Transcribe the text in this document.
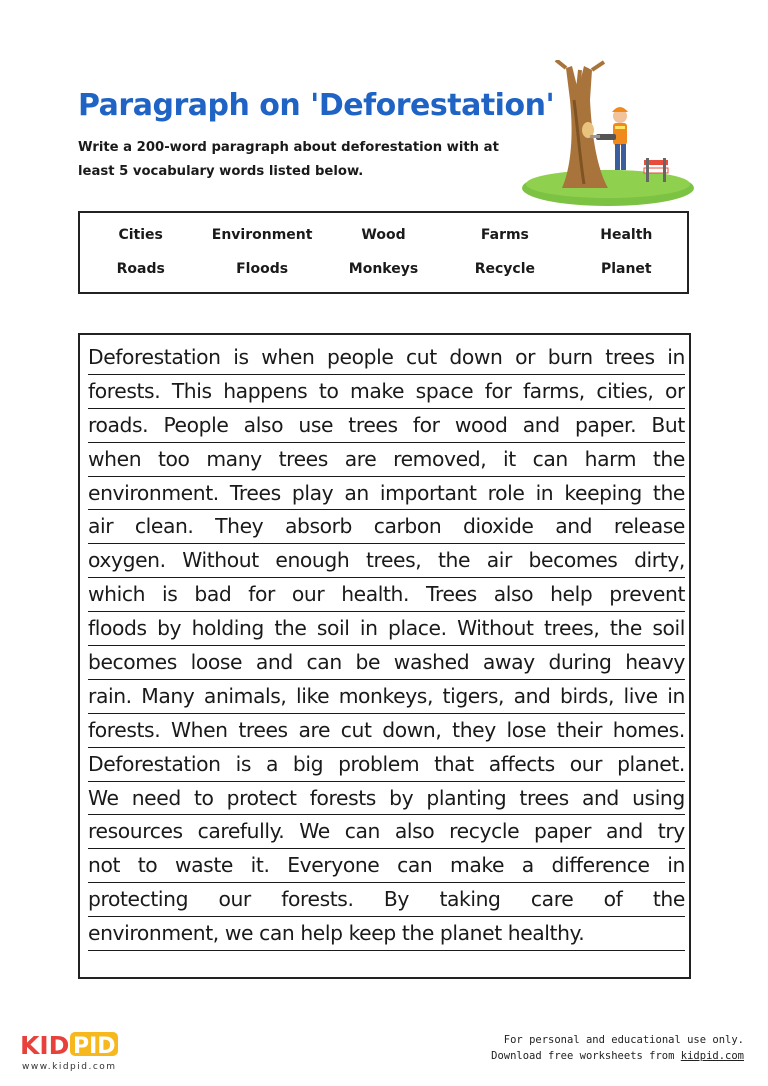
Paragraph on 'Deforestation'
Write a 200-word paragraph about deforestation with at least 5 vocabulary words listed below.
Cities	Environment	Wood	Farms	Health
Roads	Floods	Monkeys	Recycle	Planet
Deforestation is when people cut down or burn trees in
forests. This happens to make space for farms, cities, or
roads. People also use trees for wood and paper. But
when too many trees are removed, it can harm the
environment. Trees play an important role in keeping the
air clean. They absorb carbon dioxide and release
oxygen. Without enough trees, the air becomes dirty,
which is bad for our health. Trees also help prevent
floods by holding the soil in place. Without trees, the soil
becomes loose and can be washed away during heavy
rain. Many animals, like monkeys, tigers, and birds, live in
forests. When trees are cut down, they lose their homes.
Deforestation is a big problem that affects our planet.
We need to protect forests by planting trees and using
resources carefully. We can also recycle paper and try
not to waste it. Everyone can make a difference in
protecting our forests. By taking care of the
environment, we can help keep the planet healthy.
KID PID
www.kidpid.com
For personal and educational use only.
Download free worksheets from kidpid.com
